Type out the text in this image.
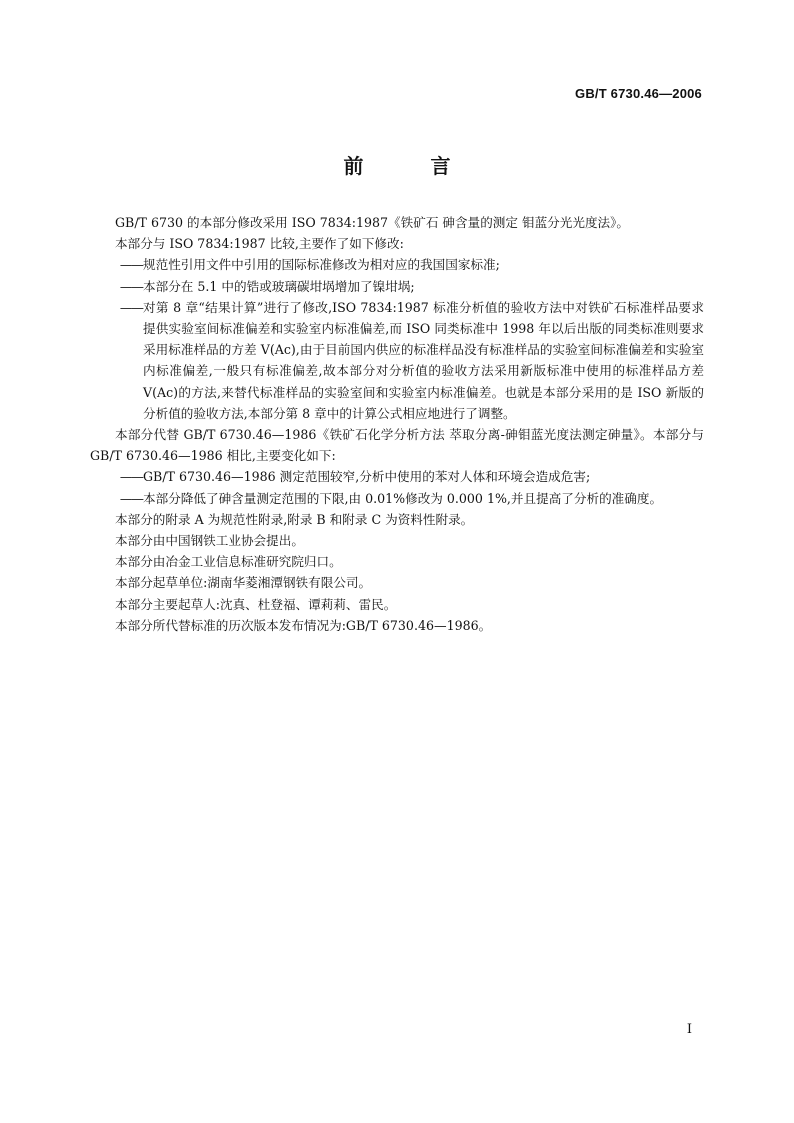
GB/T 6730.46—2006
前 言

GB/T 6730 的本部分修改采用 ISO 7834:1987《铁矿石 砷含量的测定 钼蓝分光光度法》。

本部分与 ISO 7834:1987 比较,主要作了如下修改:

—— 规范性引用文件中引用的国际标准修改为相对应的我国国家标准;
—— 本部分在 5.1 中的锆或玻璃碳坩埚增加了镍坩埚;
—— 对第 8 章“结果计算”进行了修改,ISO 7834:1987 标准分析值的验收方法中对铁矿石标准样品要求提供实验室间标准偏差和实验室内标准偏差,而 ISO 同类标准中 1998 年以后出版的同类标准则要求采用标准样品的方差 V(Ac),由于目前国内供应的标准样品没有标准样品的实验室间标准偏差和实验室内标准偏差,一般只有标准偏差,故本部分对分析值的验收方法采用新版标准中使用的标准样品方差 V(Ac)的方法,来替代标准样品的实验室间和实验室内标准偏差。也就是本部分采用的是 ISO 新版的分析值的验收方法,本部分第 8 章中的计算公式相应地进行了调整。

本部分代替 GB/T 6730.46—1986《铁矿石化学分析方法 萃取分离-砷钼蓝光度法测定砷量》。本部分与 GB/T 6730.46—1986 相比,主要变化如下:

—— GB/T 6730.46—1986 测定范围较窄,分析中使用的苯对人体和环境会造成危害;
—— 本部分降低了砷含量测定范围的下限,由 0.01%修改为 0.000 1%,并且提高了分析的准确度。

本部分的附录 A 为规范性附录,附录 B 和附录 C 为资料性附录。

本部分由中国钢铁工业协会提出。

本部分由冶金工业信息标准研究院归口。

本部分起草单位:湖南华菱湘潭钢铁有限公司。

本部分主要起草人:沈真、杜登福、谭莉莉、雷民。

本部分所代替标准的历次版本发布情况为:GB/T 6730.46—1986。

I
